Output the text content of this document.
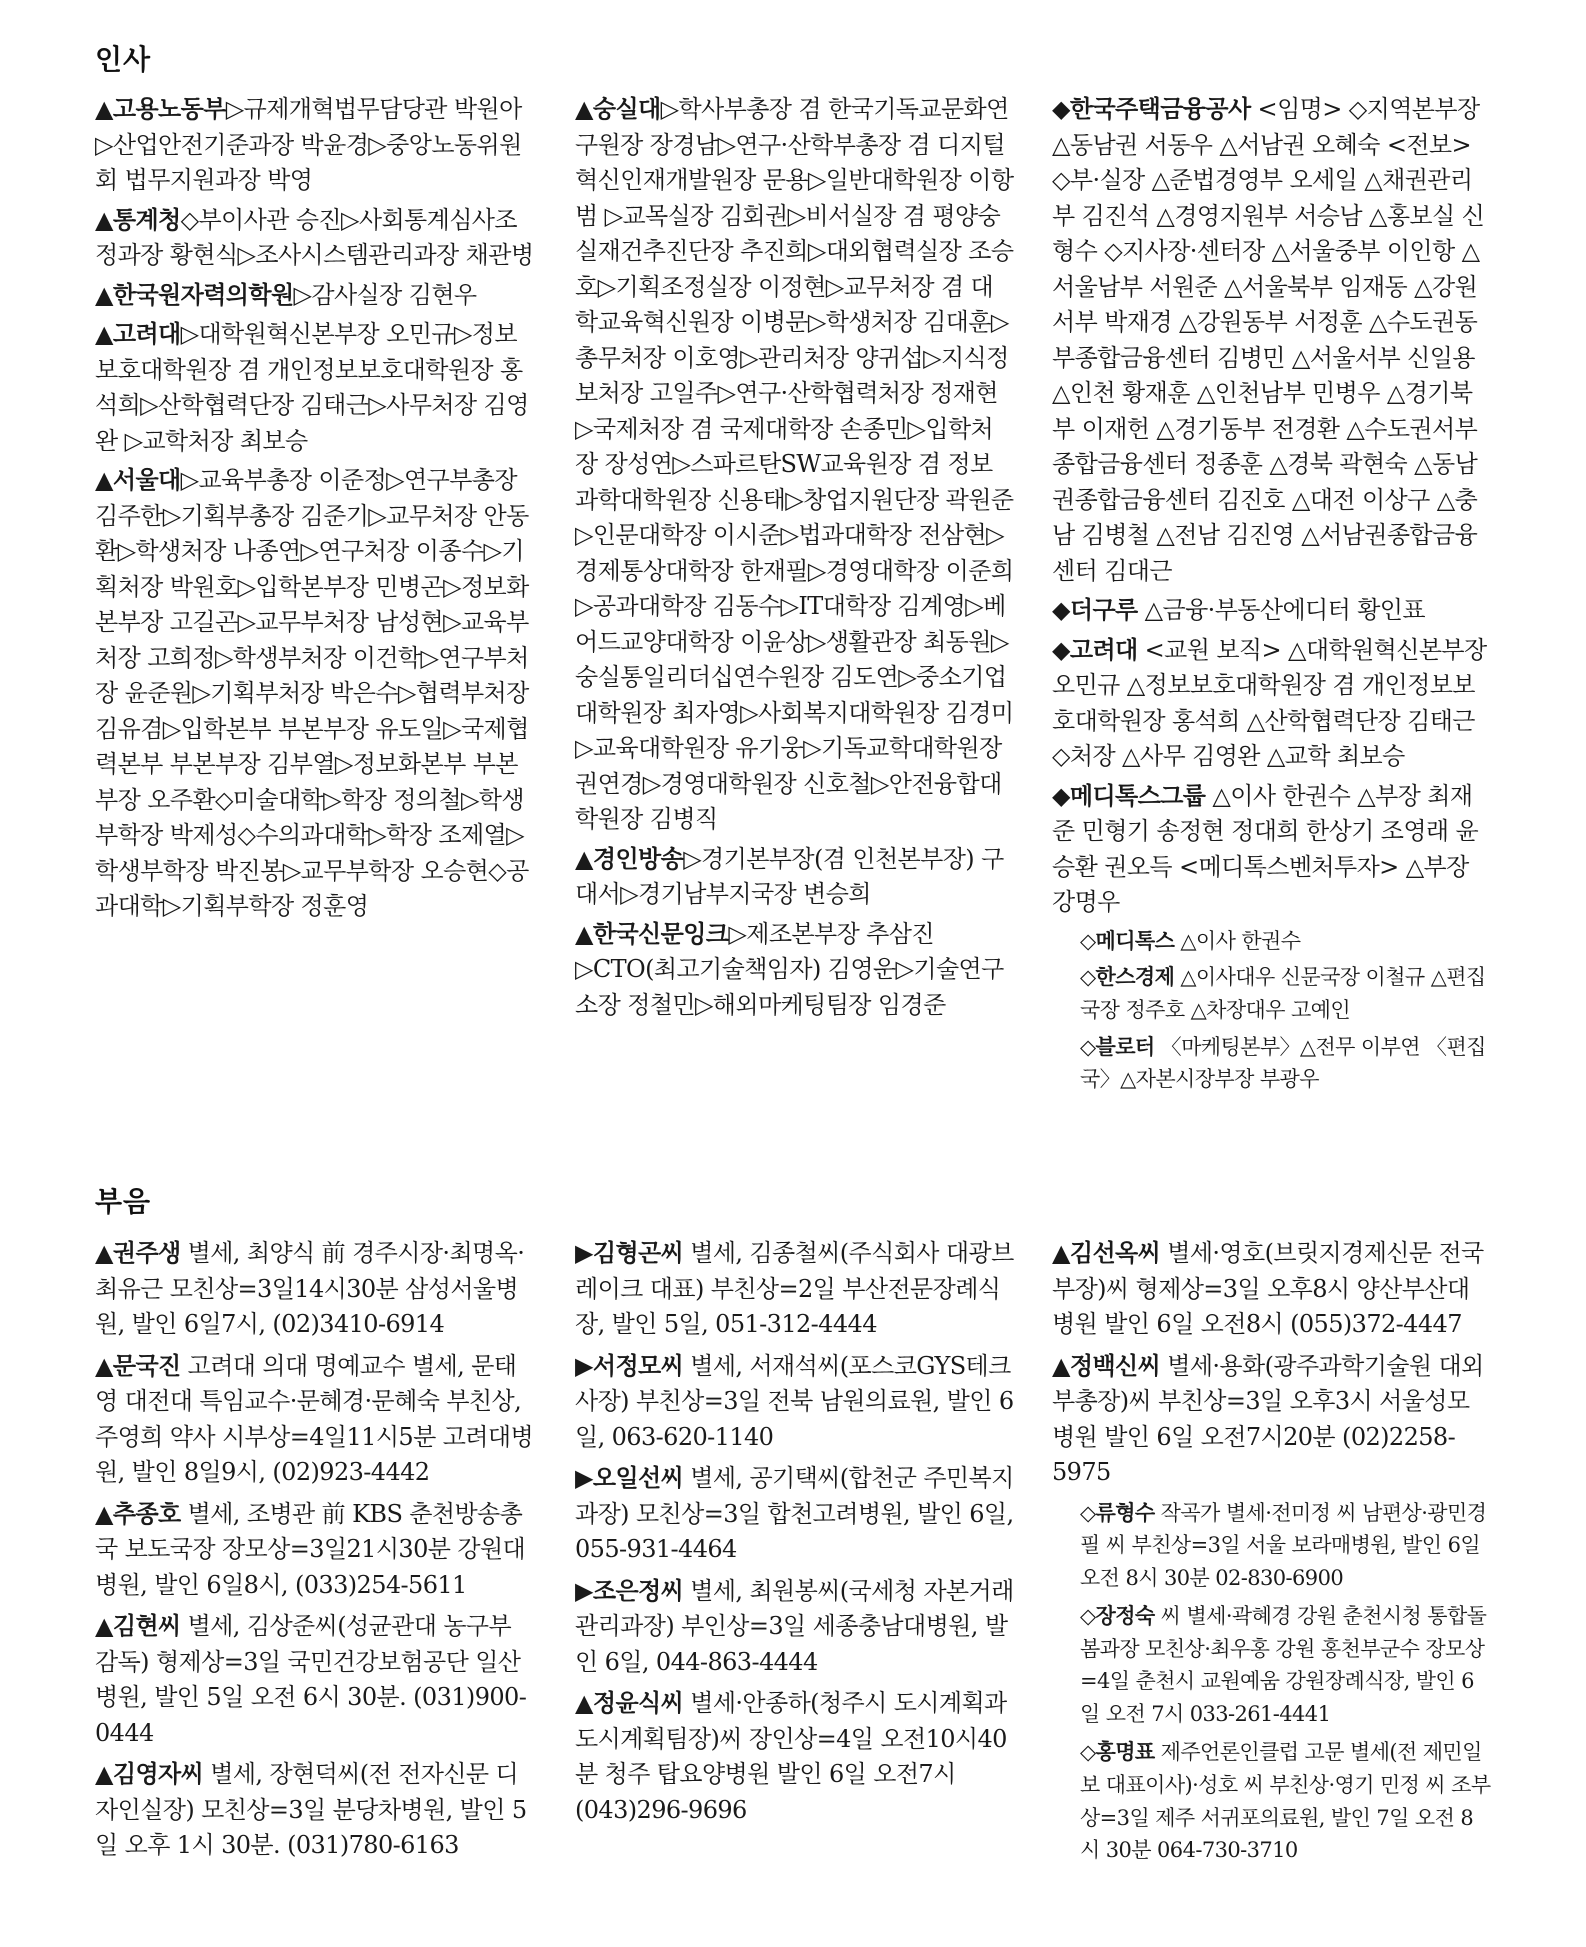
인사

▲고용노동부▷규제개혁법무담당관 박원아 ▷산업안전기준과장 박윤경▷중앙노동위원회 법무지원과장 박영

▲통계청◇부이사관 승진▷사회통계심사조정과장 황현식▷조사시스템관리과장 채관병

▲한국원자력의학원▷감사실장 김현우

▲고려대▷대학원혁신본부장 오민규▷정보보호대학원장 겸 개인정보보호대학원장 홍석희▷산학협력단장 김태근▷사무처장 김영완 ▷교학처장 최보승

▲서울대▷교육부총장 이준정▷연구부총장 김주한▷기획부총장 김준기▷교무처장 안동환▷학생처장 나종연▷연구처장 이종수▷기획처장 박원호▷입학본부장 민병곤▷정보화본부장 고길곤▷교무부처장 남성현▷교육부처장 고희정▷학생부처장 이건학▷연구부처장 윤준원▷기획부처장 박은수▷협력부처장 김유겸▷입학본부 부본부장 유도일▷국제협력본부 부본부장 김부열▷정보화본부 부본부장 오주환◇미술대학▷학장 정의철▷학생부학장 박제성◇수의과대학▷학장 조제열▷학생부학장 박진봉▷교무부학장 오승현◇공과대학▷기획부학장 정훈영

▲숭실대▷학사부총장 겸 한국기독교문화연구원장 장경남▷연구·산학부총장 겸 디지털혁신인재개발원장 문용▷일반대학원장 이항범 ▷교목실장 김회권▷비서실장 겸 평양숭실재건추진단장 추진희▷대외협력실장 조승호▷기획조정실장 이정현▷교무처장 겸 대학교육혁신원장 이병문▷학생처장 김대훈▷총무처장 이호영▷관리처장 양귀섭▷지식정보처장 고일주▷연구·산학협력처장 정재현▷국제처장 겸 국제대학장 손종민▷입학처장 장성연▷스파르탄SW교육원장 겸 정보과학대학원장 신용태▷창업지원단장 곽원준▷인문대학장 이시준▷법과대학장 전삼현▷경제통상대학장 한재필▷경영대학장 이준희▷공과대학장 김동수▷IT대학장 김계영▷베어드교양대학장 이윤상▷생활관장 최동원▷숭실통일리더십연수원장 김도연▷중소기업대학원장 최자영▷사회복지대학원장 김경미▷교육대학원장 유기웅▷기독교학대학원장 권연경▷경영대학원장 신호철▷안전융합대학원장 김병직

▲경인방송▷경기본부장(겸 인천본부장) 구대서▷경기남부지국장 변승희

▲한국신문잉크▷제조본부장 추삼진▷CTO(최고기술책임자) 김영운▷기술연구소장 정철민▷해외마케팅팀장 임경준

◆한국주택금융공사 <임명> ◇지역본부장 △동남권 서동우 △서남권 오혜숙 <전보> ◇부·실장 △준법경영부 오세일 △채권관리부 김진석 △경영지원부 서승남 △홍보실 신형수 ◇지사장·센터장 △서울중부 이인항 △서울남부 서원준 △서울북부 임재동 △강원서부 박재경 △강원동부 서정훈 △수도권동부종합금융센터 김병민 △서울서부 신일용 △인천 황재훈 △인천남부 민병우 △경기북부 이재헌 △경기동부 전경환 △수도권서부종합금융센터 정종훈 △경북 곽현숙 △동남권종합금융센터 김진호 △대전 이상구 △충남 김병철 △전남 김진영 △서남권종합금융센터 김대근

◆더구루 △금융·부동산에디터 황인표

◆고려대 <교원 보직> △대학원혁신본부장 오민규 △정보보호대학원장 겸 개인정보보호대학원장 홍석희 △산학협력단장 김태근 ◇처장 △사무 김영완 △교학 최보승

◆메디톡스그룹 △이사 한권수 △부장 최재준 민형기 송정현 정대희 한상기 조영래 윤승환 권오득 <메디톡스벤처투자> △부장 강명우

◇메디톡스 △이사 한권수

◇한스경제 △이사대우 신문국장 이철규 △편집국장 정주호 △차장대우 고예인

◇블로터 〈마케팅본부〉△전무 이부연 〈편집국〉△자본시장부장 부광우

부음

▲권주생 별세, 최양식 前 경주시장·최명옥·최유근 모친상=3일14시30분 삼성서울병원, 발인 6일7시, (02)3410-6914

▲문국진 고려대 의대 명예교수 별세, 문태영 대전대 특임교수·문혜경·문혜숙 부친상, 주영희 약사 시부상=4일11시5분 고려대병원, 발인 8일9시, (02)923-4442

▲추종호 별세, 조병관 前 KBS 춘천방송총국 보도국장 장모상=3일21시30분 강원대병원, 발인 6일8시, (033)254-5611

▲김현씨 별세, 김상준씨(성균관대 농구부 감독) 형제상=3일 국민건강보험공단 일산병원, 발인 5일 오전 6시 30분. (031)900-0444

▲김영자씨 별세, 장현덕씨(전 전자신문 디자인실장) 모친상=3일 분당차병원, 발인 5일 오후 1시 30분. (031)780-6163

▶김형곤씨 별세, 김종철씨(주식회사 대광브레이크 대표) 부친상=2일 부산전문장례식장, 발인 5일, 051-312-4444

▶서정모씨 별세, 서재석씨(포스코GYS테크 사장) 부친상=3일 전북 남원의료원, 발인 6일, 063-620-1140

▶오일선씨 별세, 공기택씨(합천군 주민복지과장) 모친상=3일 합천고려병원, 발인 6일, 055-931-4464

▶조은정씨 별세, 최원봉씨(국세청 자본거래관리과장) 부인상=3일 세종충남대병원, 발인 6일, 044-863-4444

▲정윤식씨 별세·안종하(청주시 도시계획과 도시계획팀장)씨 장인상=4일 오전10시40분 청주 탑요양병원 발인 6일 오전7시 (043)296-9696

▲김선옥씨 별세·영호(브릿지경제신문 전국부장)씨 형제상=3일 오후8시 양산부산대병원 발인 6일 오전8시 (055)372-4447

▲정백신씨 별세·용화(광주과학기술원 대외부총장)씨 부친상=3일 오후3시 서울성모병원 발인 6일 오전7시20분 (02)2258-5975

◇류형수 작곡가 별세·전미정 씨 남편상·광민경필 씨 부친상=3일 서울 보라매병원, 발인 6일 오전 8시 30분 02-830-6900

◇장정숙 씨 별세·곽혜경 강원 춘천시청 통합돌봄과장 모친상·최우홍 강원 홍천부군수 장모상=4일 춘천시 교원예움 강원장례식장, 발인 6일 오전 7시 033-261-4441

◇홍명표 제주언론인클럽 고문 별세(전 제민일보 대표이사)·성호 씨 부친상·영기 민정 씨 조부상=3일 제주 서귀포의료원, 발인 7일 오전 8시 30분 064-730-3710
